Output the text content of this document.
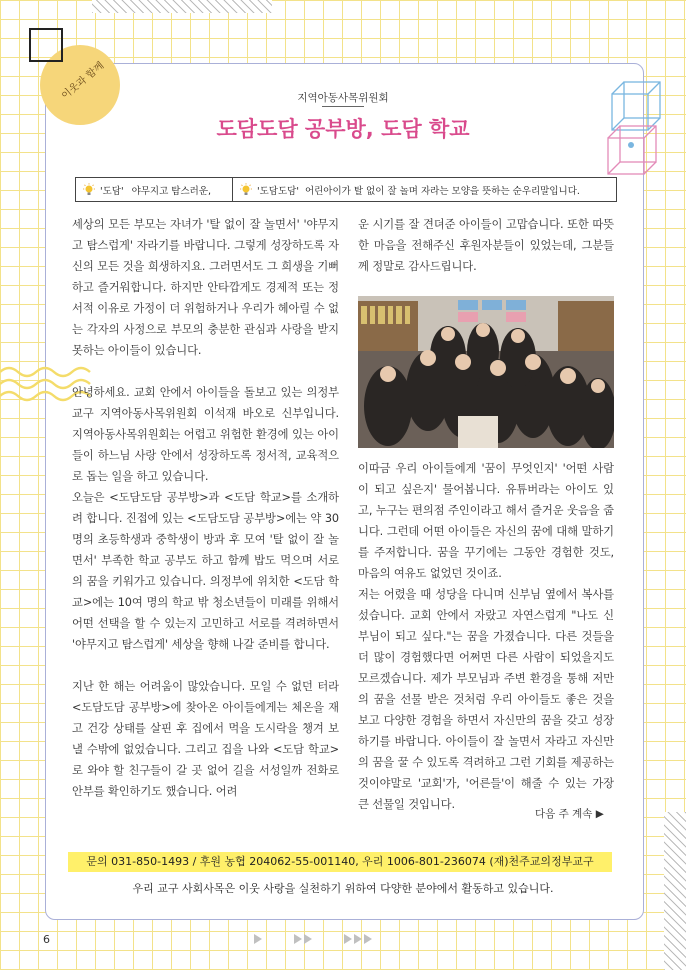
이웃과 함께	지역아동사목위원회
도담도담 공부방, 도담 학교
'도담' 야무지고 탐스러운,	'도담도담' 어린아이가 탈 없이 잘 놀며 자라는 모양을 뜻하는 순우리말입니다.

세상의 모든 부모는 자녀가 '탈 없이 잘 놀면서' '야무지고 탐스럽게' 자라기를 바랍니다. 그렇게 성장하도록 자신의 모든 것을 희생하지요. 그러면서도 그 희생을 기뻐하고 즐거워합니다. 하지만 안타깝게도 경제적 또는 정서적 이유로 가정이 더 위험하거나 우리가 헤아릴 수 없는 각자의 사정으로 부모의 충분한 관심과 사랑을 받지 못하는 아이들이 있습니다.

안녕하세요. 교회 안에서 아이들을 돌보고 있는 의정부교구 지역아동사목위원회 이석재 바오로 신부입니다. 지역아동사목위원회는 어렵고 위험한 환경에 있는 아이들이 하느님 사랑 안에서 성장하도록 정서적, 교육적으로 돕는 일을 하고 있습니다.

오늘은 <도담도담 공부방>과 <도담 학교>를 소개하려 합니다. 진접에 있는 <도담도담 공부방>에는 약 30명의 초등학생과 중학생이 방과 후 모여 '탈 없이 잘 놀면서' 부족한 학교 공부도 하고 함께 밥도 먹으며 서로의 꿈을 키워가고 있습니다. 의정부에 위치한 <도담 학교>에는 10여 명의 학교 밖 청소년들이 미래를 위해서 어떤 선택을 할 수 있는지 고민하고 서로를 격려하면서 '야무지고 탐스럽게' 세상을 향해 나갈 준비를 합니다.

지난 한 해는 어려움이 많았습니다. 모일 수 없던 터라 <도담도담 공부방>에 찾아온 아이들에게는 체온을 재고 건강 상태를 살핀 후 집에서 먹을 도시락을 챙겨 보낼 수밖에 없었습니다. 그리고 집을 나와 <도담 학교>로 와야 할 친구들이 갈 곳 없어 길을 서성일까 전화로 안부를 확인하기도 했습니다. 어려

운 시기를 잘 견뎌준 아이들이 고맙습니다. 또한 따뜻한 마음을 전해주신 후원자분들이 있었는데, 그분들께 정말로 감사드립니다.

이따금 우리 아이들에게 '꿈이 무엇인지' '어떤 사람이 되고 싶은지' 물어봅니다. 유튜버라는 아이도 있고, 누구는 편의점 주인이라고 해서 즐거운 웃음을 줍니다. 그런데 어떤 아이들은 자신의 꿈에 대해 말하기를 주저합니다. 꿈을 꾸기에는 그동안 경험한 것도, 마음의 여유도 없었던 것이죠.

저는 어렸을 때 성당을 다니며 신부님 옆에서 복사를 섰습니다. 교회 안에서 자랐고 자연스럽게 "나도 신부님이 되고 싶다."는 꿈을 가졌습니다. 다른 것들을 더 많이 경험했다면 어쩌면 다른 사람이 되었을지도 모르겠습니다. 제가 부모님과 주변 환경을 통해 저만의 꿈을 선물 받은 것처럼 우리 아이들도 좋은 것을 보고 다양한 경험을 하면서 자신만의 꿈을 갖고 성장하기를 바랍니다. 아이들이 잘 놀면서 자라고 자신만의 꿈을 꿀 수 있도록 격려하고 그런 기회를 제공하는 것이야말로 '교회'가, '어른들'이 해줄 수 있는 가장 큰 선물일 것입니다.

다음 주 계속 ▶
문의 031-850-1493 / 후원 농협 204062-55-001140, 우리 1006-801-236074 (재)천주교의정부교구
우리 교구 사회사목은 이웃 사랑을 실천하기 위하여 다양한 분야에서 활동하고 있습니다.
6
